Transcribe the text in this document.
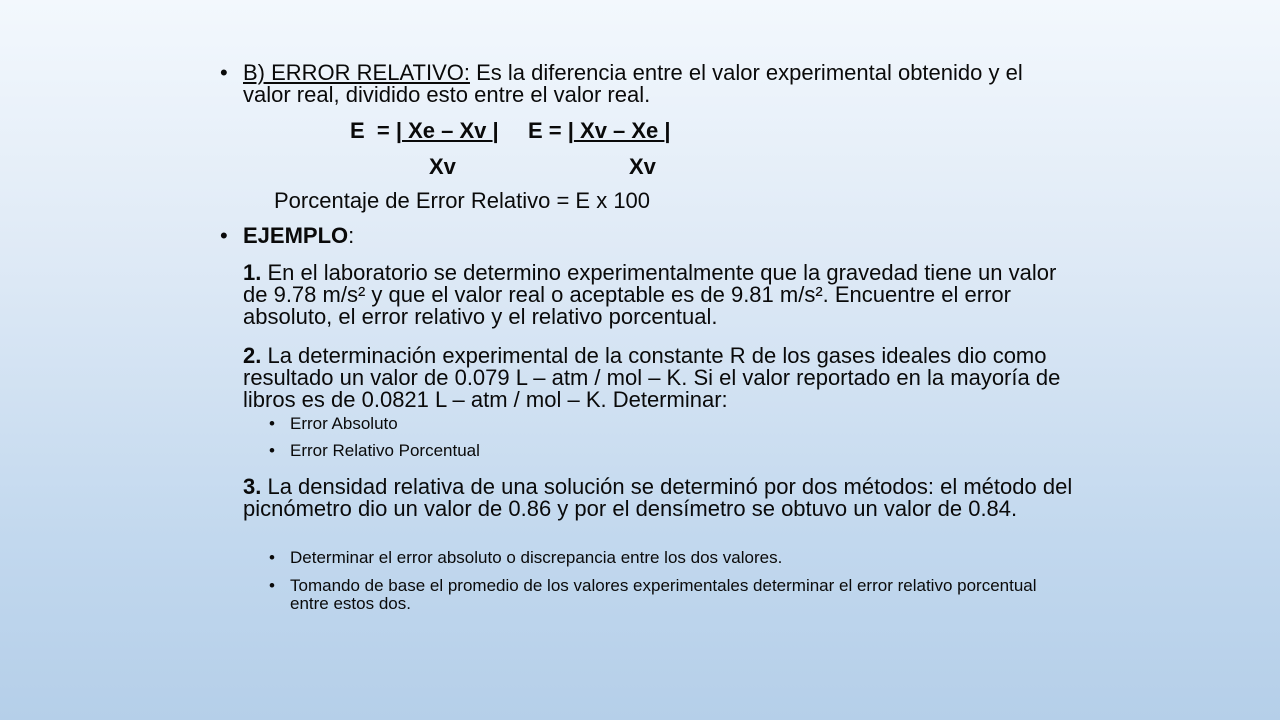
• B) ERROR RELATIVO: Es la diferencia entre el valor experimental obtenido y el valor real, dividido esto entre el valor real.
E  = | Xe – Xv | E = | Xv – Xe |
Xv	Xv
Porcentaje de Error Relativo = E x 100
• EJEMPLO:
1. En el laboratorio se determino experimentalmente que la gravedad tiene un valor de 9.78 m/s² y que el valor real o aceptable es de 9.81 m/s². Encuentre el error absoluto, el error relativo y el relativo porcentual.
2. La determinación experimental de la constante R de los gases ideales dio como resultado un valor de 0.079 L – atm / mol – K. Si el valor reportado en la mayoría de libros es de 0.0821 L – atm / mol – K. Determinar:
• Error Absoluto
• Error Relativo Porcentual
3. La densidad relativa de una solución se determinó por dos métodos: el método del picnómetro dio un valor de 0.86 y por el densímetro se obtuvo un valor de 0.84.
• Determinar el error absoluto o discrepancia entre los dos valores.
• Tomando de base el promedio de los valores experimentales determinar el error relativo porcentual entre estos dos.
